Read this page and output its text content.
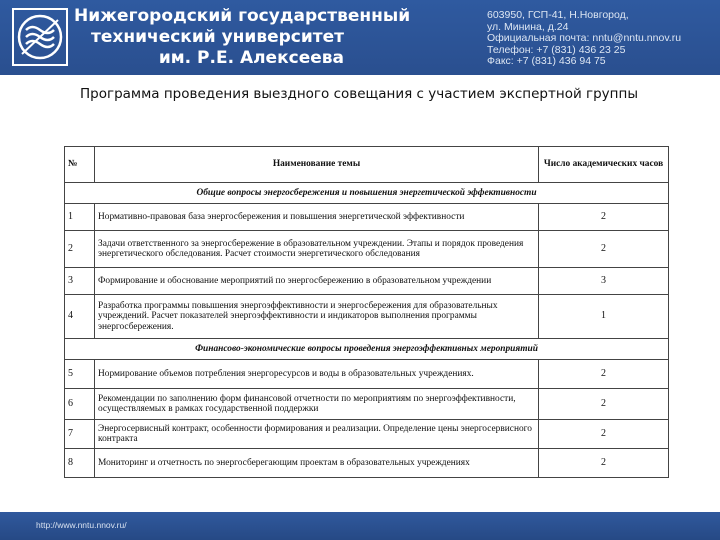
Нижегородский государственный
технический университет
им. Р.Е. Алексеева
603950, ГСП-41, Н.Новгород,
ул. Минина, д.24
Официальная почта: nntu@nntu.nnov.ru
Телефон: +7 (831) 436 23 25
Факс: +7 (831) 436 94 75
Программа проведения выездного совещания с участием экспертной группы
№	Наименование темы	Число академических часов
Общие вопросы энергосбережения и повышения энергетической эффективности		
1	Нормативно-правовая база энергосбережения и повышения энергетической эффективности	2
2	Задачи ответственного за энергосбережение в образовательном учреждении. Этапы и порядок проведения энергетического обследования. Расчет стоимости энергетического обследования	2
3	Формирование и обоснование мероприятий по энергосбережению в образовательном учреждении	3
4	Разработка программы повышения энергоэффективности и энергосбережения для образовательных учреждений. Расчет показателей энергоэффективности и индикаторов выполнения программы энергосбережения.	1
Финансово-экономические вопросы проведения энергоэффективных мероприятий		
5	Нормирование объемов потребления энергоресурсов и воды в образовательных учреждениях.	2
6	Рекомендации по заполнению форм финансовой отчетности по мероприятиям по энергоэффективности, осуществляемых в рамках государственной поддержки	2
7	Энергосервисный контракт, особенности формирования и реализации. Определение цены энергосервисного контракта	2
8	Мониторинг и отчетность по энергосберегающим проектам в образовательных учреждениях	2
http://www.nntu.nnov.ru/
